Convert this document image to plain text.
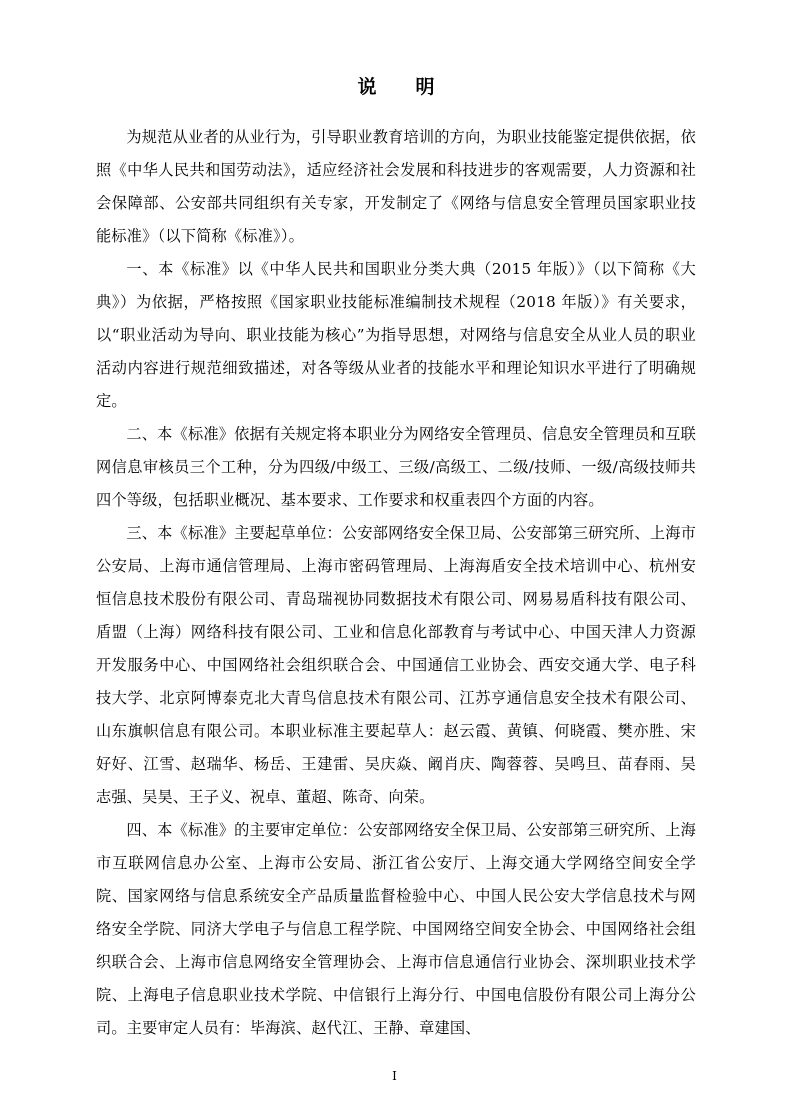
说　明

为规范从业者的从业行为，引导职业教育培训的方向，为职业技能鉴定提供依据，依照《中华人民共和国劳动法》，适应经济社会发展和科技进步的客观需要，人力资源和社会保障部、公安部共同组织有关专家，开发制定了《网络与信息安全管理员国家职业技能标准》（以下简称《标准》）。

一、本《标准》以《中华人民共和国职业分类大典（2015 年版）》（以下简称《大典》）为依据，严格按照《国家职业技能标准编制技术规程（2018 年版）》有关要求，以“职业活动为导向、职业技能为核心”为指导思想，对网络与信息安全从业人员的职业活动内容进行规范细致描述，对各等级从业者的技能水平和理论知识水平进行了明确规定。

二、本《标准》依据有关规定将本职业分为网络安全管理员、信息安全管理员和互联网信息审核员三个工种，分为四级/中级工、三级/高级工、二级/技师、一级/高级技师共四个等级，包括职业概况、基本要求、工作要求和权重表四个方面的内容。

三、本《标准》主要起草单位：公安部网络安全保卫局、公安部第三研究所、上海市公安局、上海市通信管理局、上海市密码管理局、上海海盾安全技术培训中心、杭州安恒信息技术股份有限公司、青岛瑞视协同数据技术有限公司、网易易盾科技有限公司、盾盟（上海）网络科技有限公司、工业和信息化部教育与考试中心、中国天津人力资源开发服务中心、中国网络社会组织联合会、中国通信工业协会、西安交通大学、电子科技大学、北京阿博泰克北大青鸟信息技术有限公司、江苏亨通信息安全技术有限公司、山东旗帜信息有限公司。本职业标准主要起草人：赵云霞、黄镇、何晓霞、樊亦胜、宋好好、江雪、赵瑞华、杨岳、王建雷、吴庆焱、阚肖庆、陶蓉蓉、吴鸣旦、苗春雨、吴志强、吴昊、王子义、祝卓、董超、陈奇、向荣。

四、本《标准》的主要审定单位：公安部网络安全保卫局、公安部第三研究所、上海市互联网信息办公室、上海市公安局、浙江省公安厅、上海交通大学网络空间安全学院、国家网络与信息系统安全产品质量监督检验中心、中国人民公安大学信息技术与网络安全学院、同济大学电子与信息工程学院、中国网络空间安全协会、中国网络社会组织联合会、上海市信息网络安全管理协会、上海市信息通信行业协会、深圳职业技术学院、上海电子信息职业技术学院、中信银行上海分行、中国电信股份有限公司上海分公司。主要审定人员有：毕海滨、赵代江、王静、章建国、

I
